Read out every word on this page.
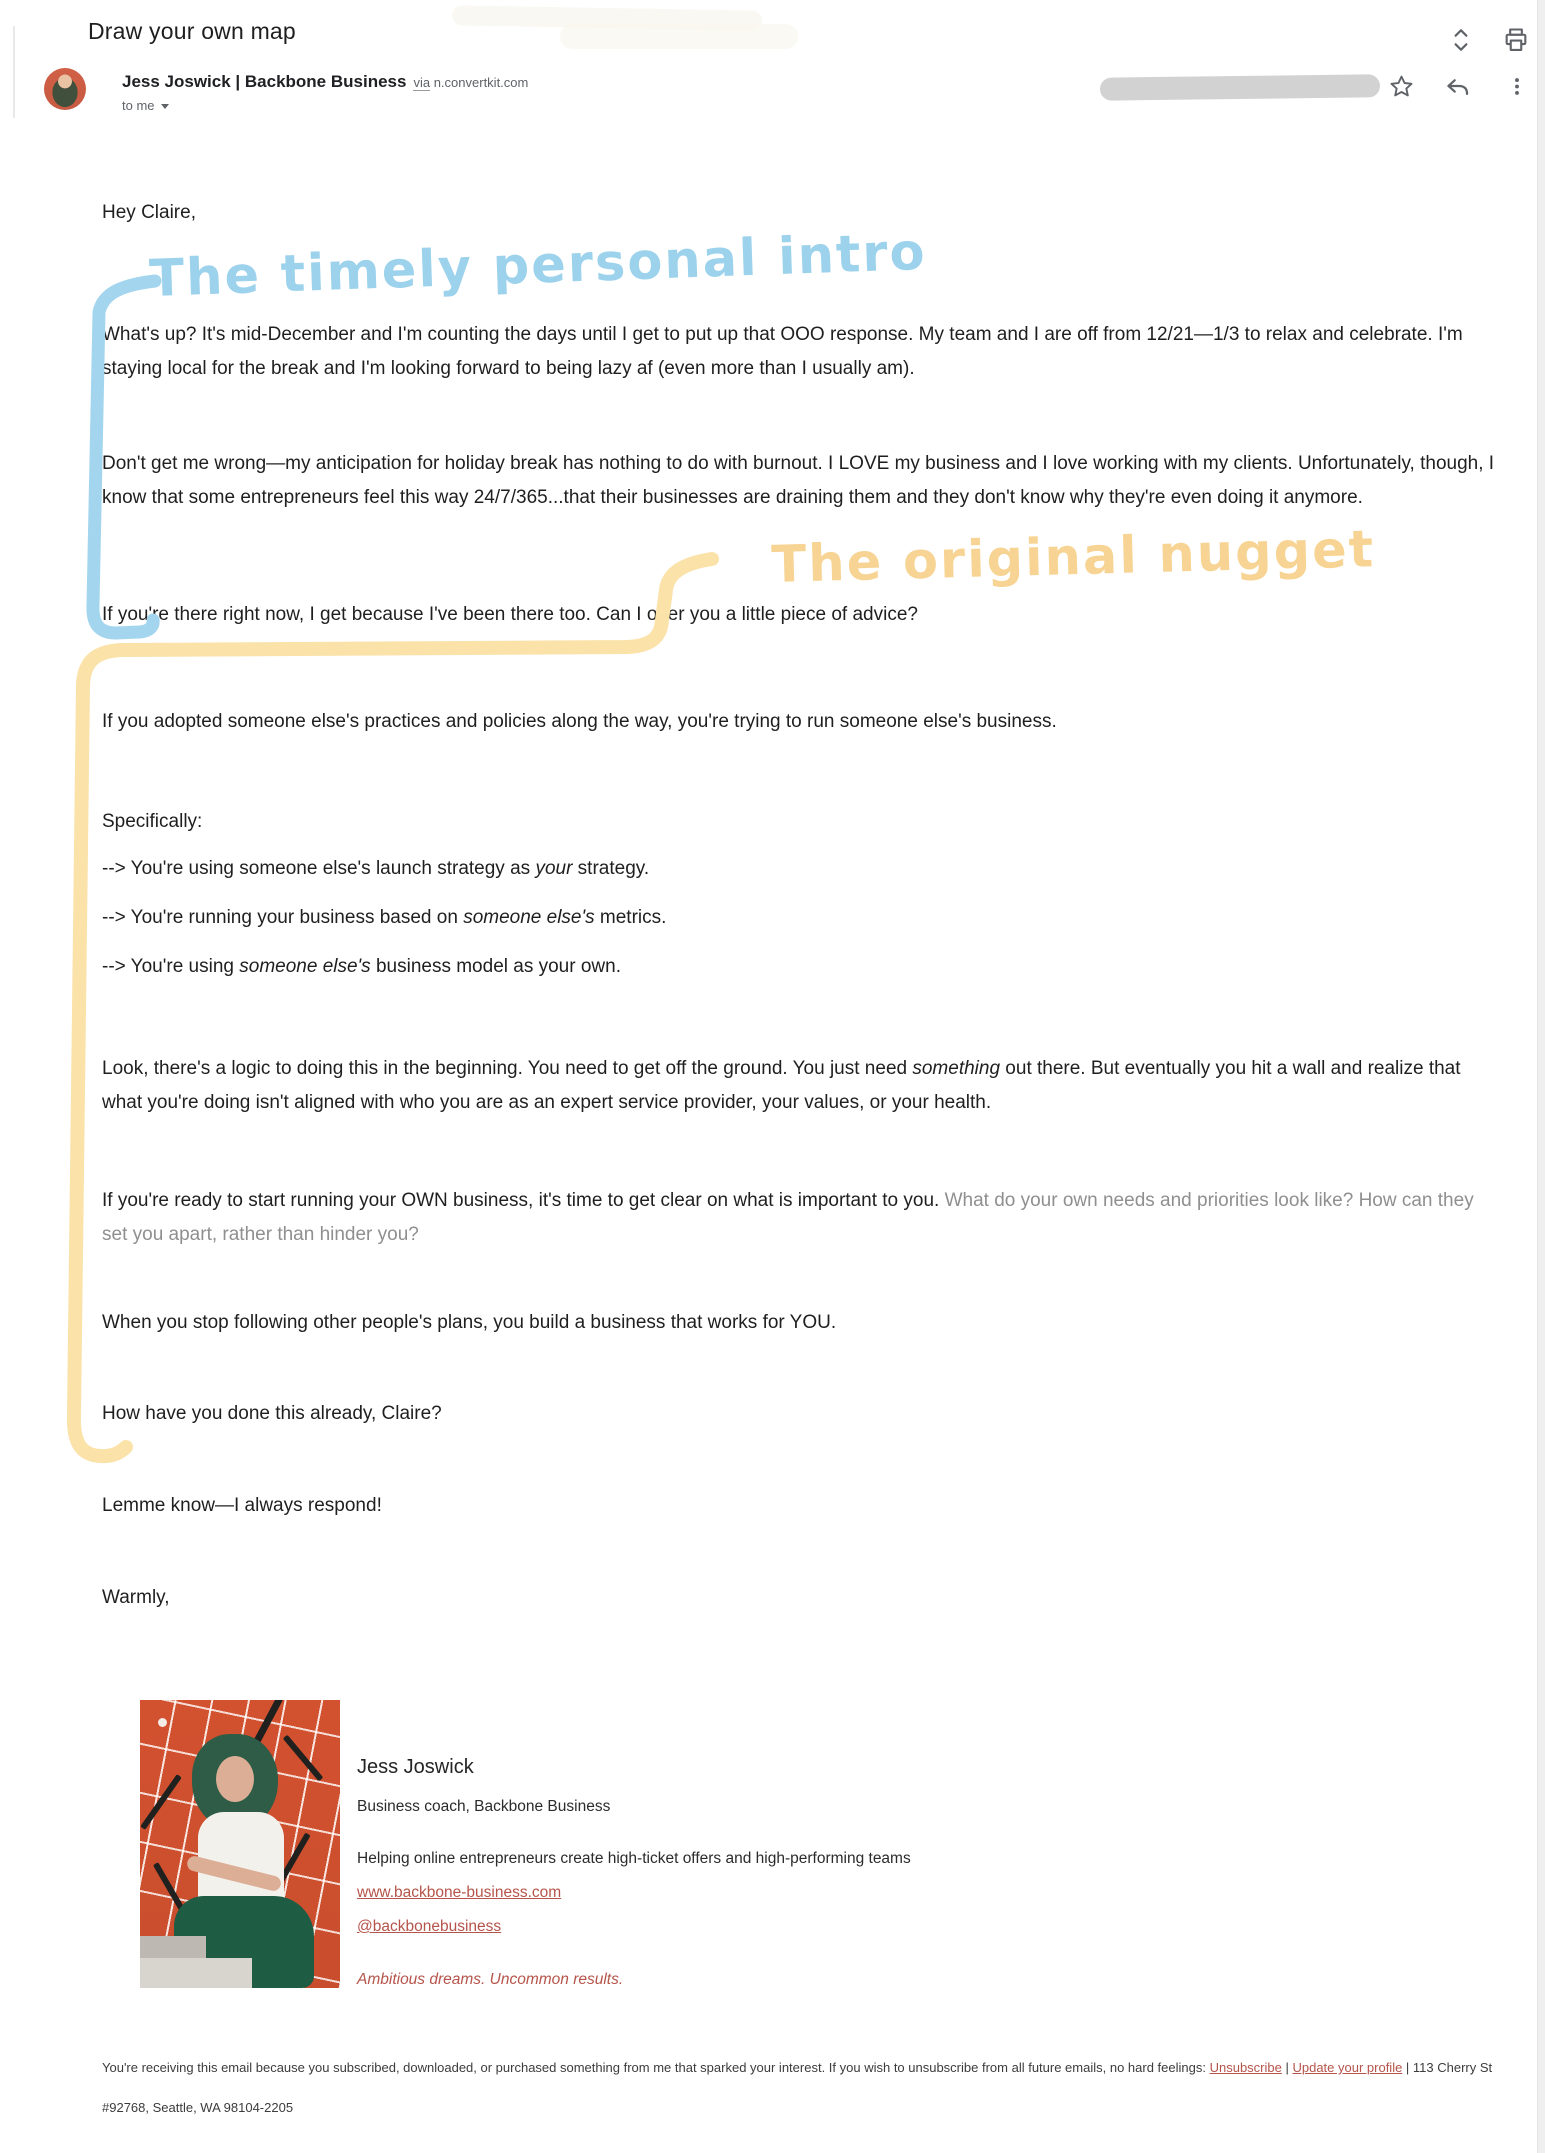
Draw your own map
Jess Joswick | Backbone Business via n.convertkit.com
to me
Hey Claire,
What's up? It's mid-December and I'm counting the days until I get to put up that OOO response. My team and I are off from 12/21—1/3 to relax and celebrate. I'm staying local for the break and I'm looking forward to being lazy af (even more than I usually am).
Don't get me wrong—my anticipation for holiday break has nothing to do with burnout. I LOVE my business and I love working with my clients. Unfortunately, though, I know that some entrepreneurs feel this way 24/7/365...that their businesses are draining them and they don't know why they're even doing it anymore.
If you're there right now, I get because I've been there too. Can I offer you a little piece of advice?
If you adopted someone else's practices and policies along the way, you're trying to run someone else's business.
Specifically:
--> You're using someone else's launch strategy as your strategy.
--> You're running your business based on someone else's metrics.
--> You're using someone else's business model as your own.
Look, there's a logic to doing this in the beginning. You need to get off the ground. You just need something out there. But eventually you hit a wall and realize that what you're doing isn't aligned with who you are as an expert service provider, your values, or your health.
If you're ready to start running your OWN business, it's time to get clear on what is important to you. What do your own needs and priorities look like? How can they set you apart, rather than hinder you?
When you stop following other people's plans, you build a business that works for YOU.
How have you done this already, Claire?
Lemme know—I always respond!
Warmly,
Jess Joswick
Business coach, Backbone Business
Helping online entrepreneurs create high-ticket offers and high-performing teams
www.backbone-business.com
@backbonebusiness
Ambitious dreams. Uncommon results.
You're receiving this email because you subscribed, downloaded, or purchased something from me that sparked your interest. If you wish to unsubscribe from all future emails, no hard feelings: Unsubscribe | Update your profile | 113 Cherry St #92768, Seattle, WA 98104-2205
The timely personal intro
The original nugget
